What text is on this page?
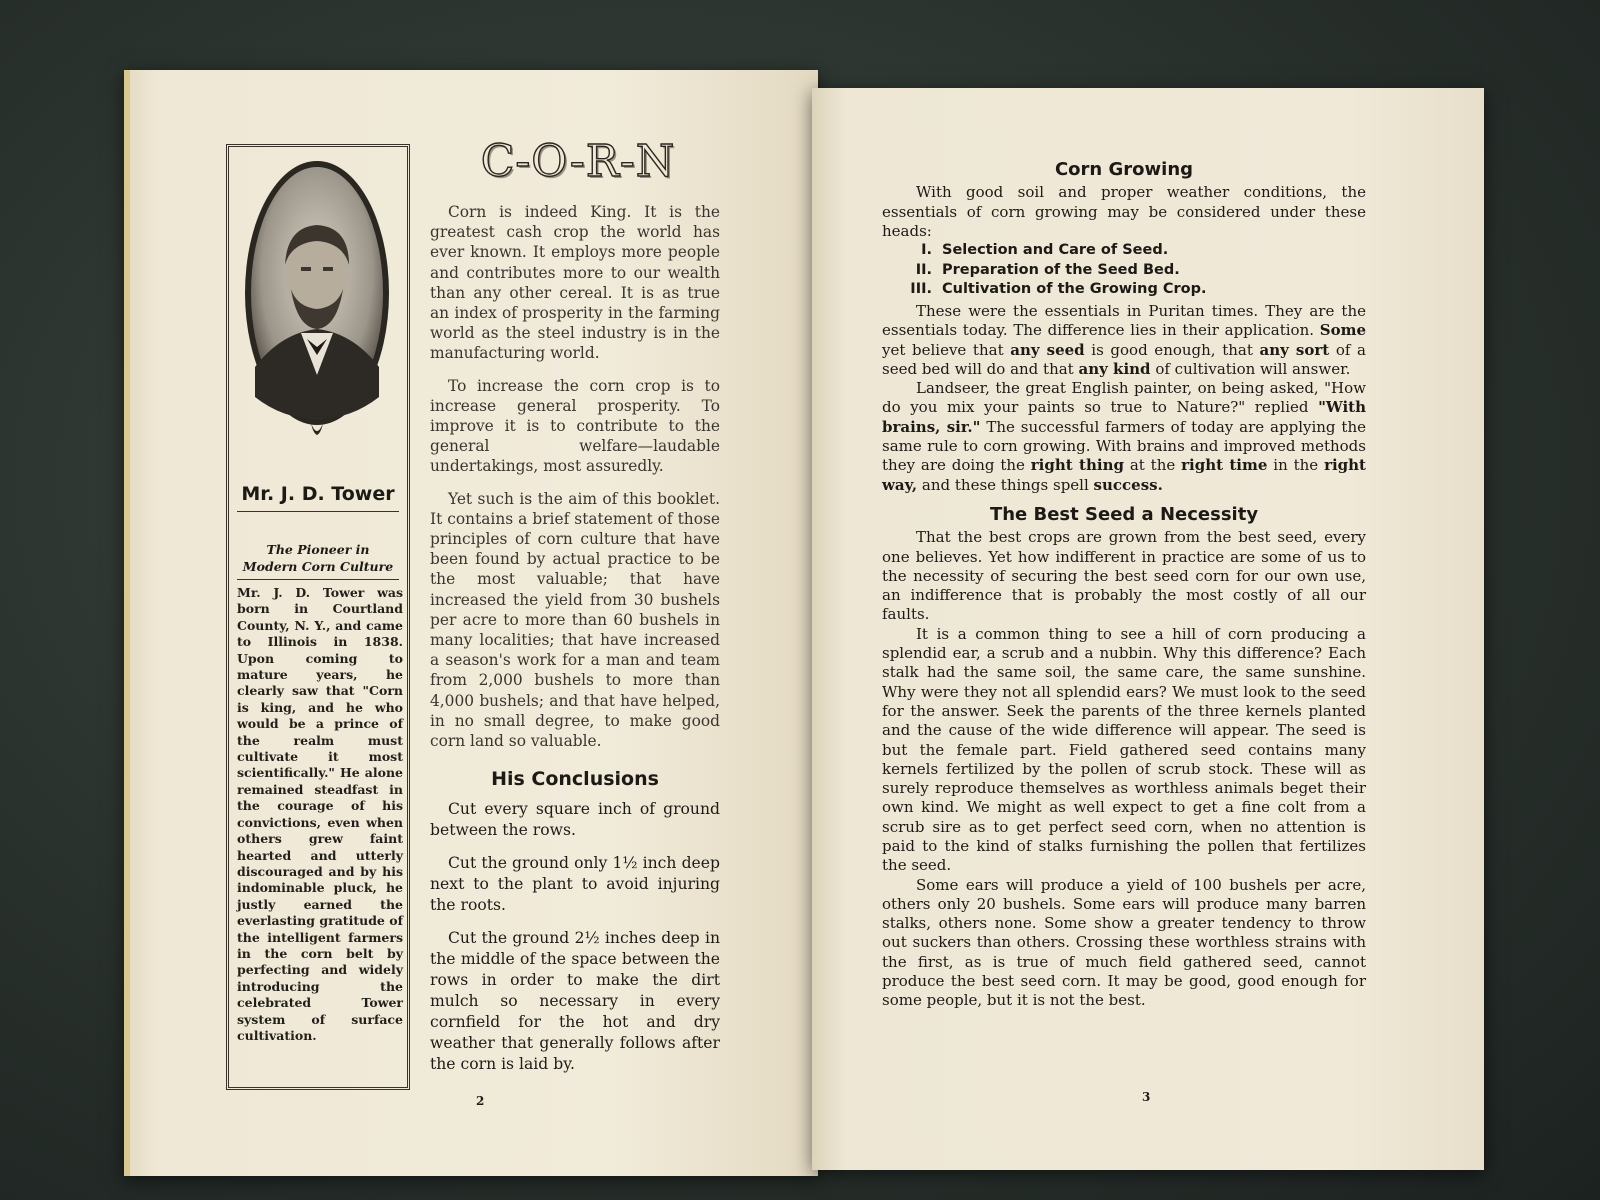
Mr. J. D. Tower
The Pioneer in
Modern Corn Culture
Mr. J. D. Tower was born in Courtland County, N. Y., and came to Illinois in 1838. Upon coming to mature years, he clearly saw that "Corn is king, and he who would be a prince of the realm must cultivate it most scientifically." He alone remained steadfast in the courage of his convictions, even when others grew faint hearted and utterly discouraged and by his indominable pluck, he justly earned the everlasting gratitude of the intelligent farmers in the corn belt by perfecting and widely introducing the celebrated Tower system of surface cultivation.
C-O-R-N

Corn is indeed King. It is the greatest cash crop the world has ever known. It employs more people and contributes more to our wealth than any other cereal. It is as true an index of prosperity in the farming world as the steel industry is in the manufacturing world.

To increase the corn crop is to increase general prosperity. To improve it is to contribute to the general welfare—laudable undertakings, most assuredly.

Yet such is the aim of this booklet. It contains a brief statement of those principles of corn culture that have been found by actual practice to be the most valuable; that have increased the yield from 30 bushels per acre to more than 60 bushels in many localities; that have increased a season's work for a man and team from 2,000 bushels to more than 4,000 bushels; and that have helped, in no small degree, to make good corn land so valuable.

His Conclusions

Cut every square inch of ground between the rows.

Cut the ground only 1½ inch deep next to the plant to avoid injuring the roots.

Cut the ground 2½ inches deep in the middle of the space between the rows in order to make the dirt mulch so necessary in every cornfield for the hot and dry weather that generally follows after the corn is laid by.

2
Corn Growing

With good soil and proper weather conditions, the essentials of corn growing may be considered under these heads:

I. Selection and Care of Seed.
II. Preparation of the Seed Bed.
III. Cultivation of the Growing Crop.

These were the essentials in Puritan times. They are the essentials today. The difference lies in their application. Some yet believe that any seed is good enough, that any sort of a seed bed will do and that any kind of cultivation will answer.

Landseer, the great English painter, on being asked, "How do you mix your paints so true to Nature?" replied "With brains, sir." The successful farmers of today are applying the same rule to corn growing. With brains and improved methods they are doing the right thing at the right time in the right way, and these things spell success.

The Best Seed a Necessity

That the best crops are grown from the best seed, every one believes. Yet how indifferent in practice are some of us to the necessity of securing the best seed corn for our own use, an indifference that is probably the most costly of all our faults.

It is a common thing to see a hill of corn producing a splendid ear, a scrub and a nubbin. Why this difference? Each stalk had the same soil, the same care, the same sunshine. Why were they not all splendid ears? We must look to the seed for the answer. Seek the parents of the three kernels planted and the cause of the wide difference will appear. The seed is but the female part. Field gathered seed contains many kernels fertilized by the pollen of scrub stock. These will as surely reproduce themselves as worthless animals beget their own kind. We might as well expect to get a fine colt from a scrub sire as to get perfect seed corn, when no attention is paid to the kind of stalks furnishing the pollen that fertilizes the seed.

Some ears will produce a yield of 100 bushels per acre, others only 20 bushels. Some ears will produce many barren stalks, others none. Some show a greater tendency to throw out suckers than others. Crossing these worthless strains with the first, as is true of much field gathered seed, cannot produce the best seed corn. It may be good, good enough for some people, but it is not the best.

3
